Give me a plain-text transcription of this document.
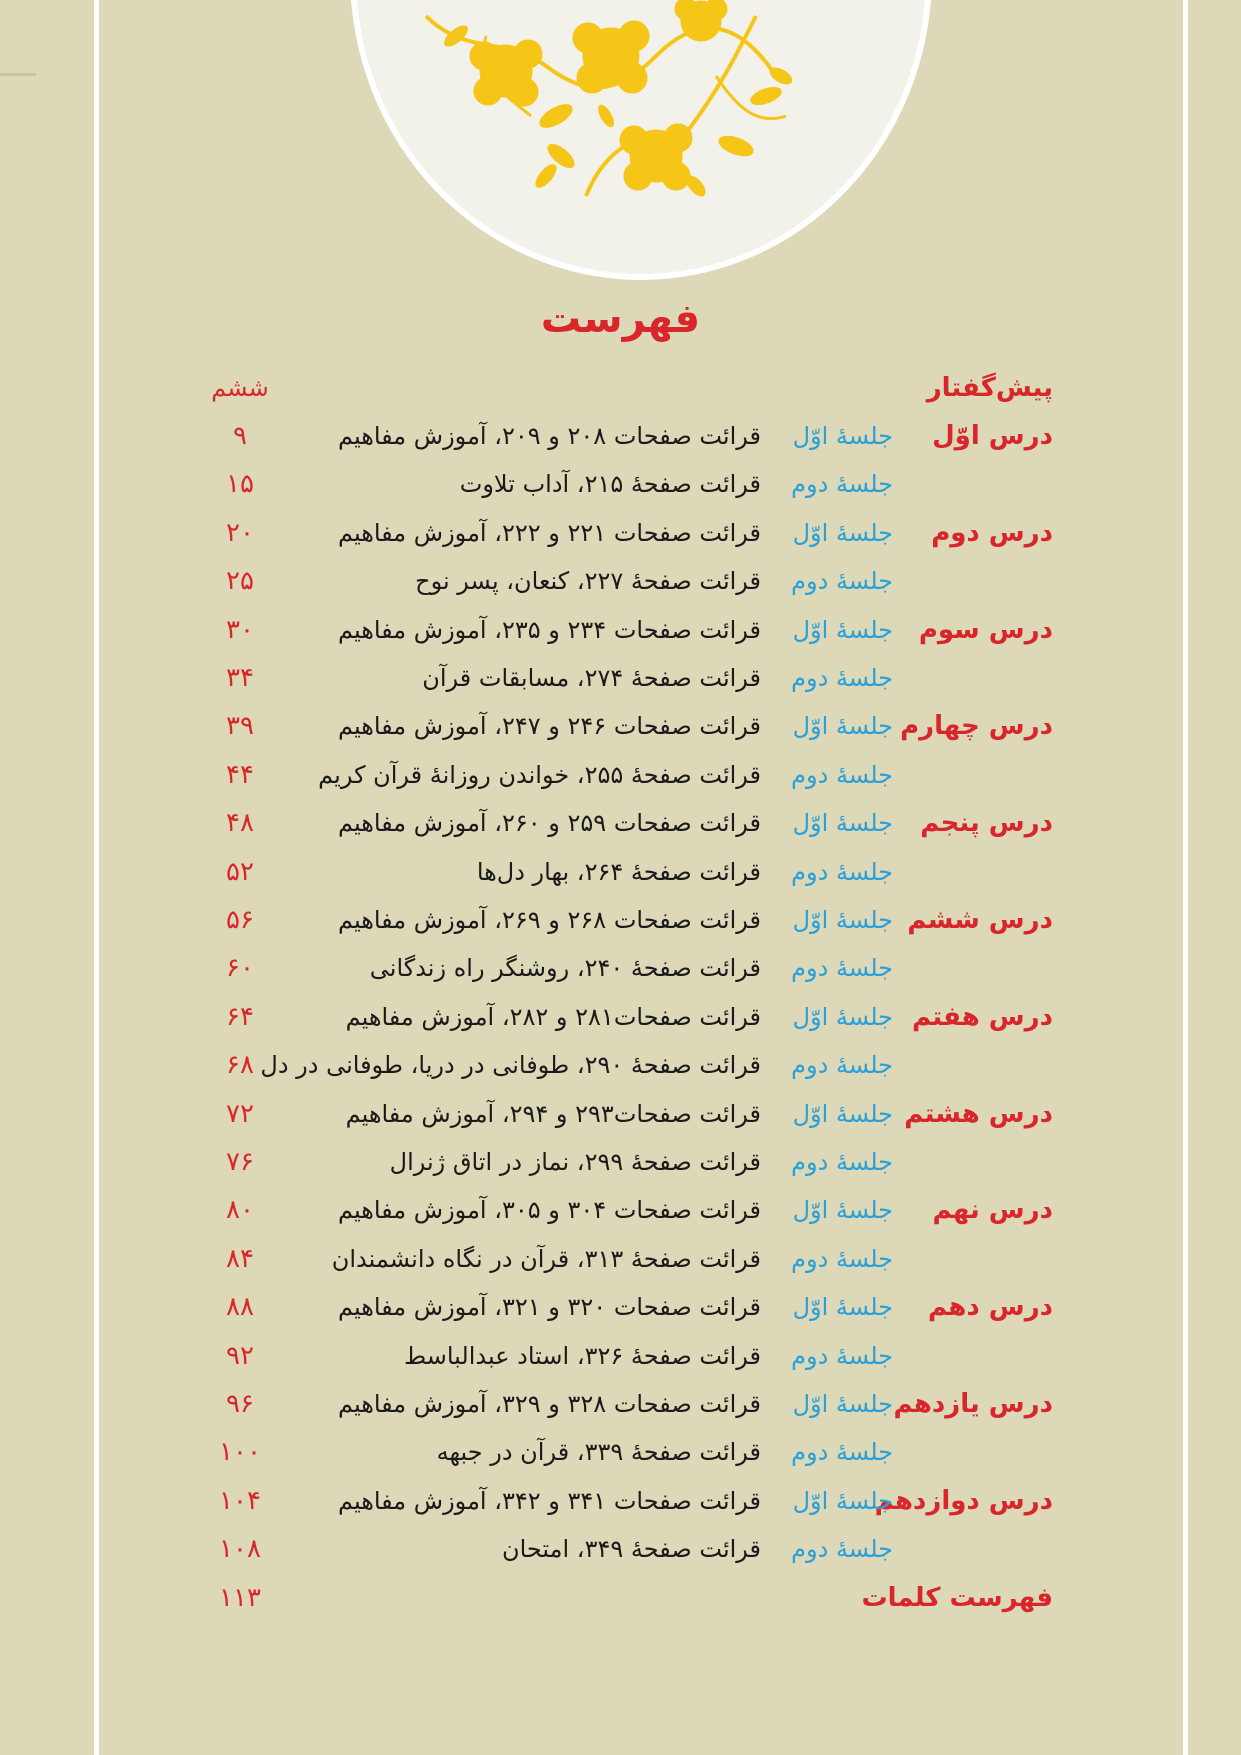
فهرست
پیش‌گفتار
ششم
درس اوّل
جلسهٔ اوّل
قرائت صفحات ۲۰۸ و ۲۰۹، آموزش مفاهیم
۹
جلسهٔ دوم
قرائت صفحهٔ ۲۱۵، آداب تلاوت
۱۵
درس دوم
جلسهٔ اوّل
قرائت صفحات ۲۲۱ و ۲۲۲، آموزش مفاهیم
۲۰
جلسهٔ دوم
قرائت صفحهٔ ۲۲۷، کنعان، پسر نوح
۲۵
درس سوم
جلسهٔ اوّل
قرائت صفحات ۲۳۴ و ۲۳۵، آموزش مفاهیم
۳۰
جلسهٔ دوم
قرائت صفحهٔ ۲۷۴، مسابقات قرآن
۳۴
درس چهارم
جلسهٔ اوّل
قرائت صفحات ۲۴۶ و ۲۴۷، آموزش مفاهیم
۳۹
جلسهٔ دوم
قرائت صفحهٔ ۲۵۵، خواندن روزانهٔ قرآن کریم
۴۴
درس پنجم
جلسهٔ اوّل
قرائت صفحات ۲۵۹ و ۲۶۰، آموزش مفاهیم
۴۸
جلسهٔ دوم
قرائت صفحهٔ ۲۶۴، بهار دل‌ها
۵۲
درس ششم
جلسهٔ اوّل
قرائت صفحات ۲۶۸ و ۲۶۹، آموزش مفاهیم
۵۶
جلسهٔ دوم
قرائت صفحهٔ ۲۴۰، روشنگر راه زندگانی
۶۰
درس هفتم
جلسهٔ اوّل
قرائت صفحات۲۸۱ و ۲۸۲، آموزش مفاهیم
۶۴
جلسهٔ دوم
قرائت صفحهٔ ۲۹۰، طوفانی در دریا، طوفانی در دل
۶۸
درس هشتم
جلسهٔ اوّل
قرائت صفحات۲۹۳ و ۲۹۴، آموزش مفاهیم
۷۲
جلسهٔ دوم
قرائت صفحهٔ ۲۹۹، نماز در اتاق ژنرال
۷۶
درس نهم
جلسهٔ اوّل
قرائت صفحات ۳۰۴ و ۳۰۵، آموزش مفاهیم
۸۰
جلسهٔ دوم
قرائت صفحهٔ ۳۱۳، قرآن در نگاه دانشمندان
۸۴
درس دهم
جلسهٔ اوّل
قرائت صفحات ۳۲۰ و ۳۲۱، آموزش مفاهیم
۸۸
جلسهٔ دوم
قرائت صفحهٔ ۳۲۶، استاد عبدالباسط
۹۲
درس یازدهم
جلسهٔ اوّل
قرائت صفحات ۳۲۸ و ۳۲۹، آموزش مفاهیم
۹۶
جلسهٔ دوم
قرائت صفحهٔ ۳۳۹، قرآن در جبهه
۱۰۰
درس دوازدهم
جلسهٔ اوّل
قرائت صفحات ۳۴۱ و ۳۴۲، آموزش مفاهیم
۱۰۴
جلسهٔ دوم
قرائت صفحهٔ ۳۴۹، امتحان
۱۰۸
فهرست کلمات
۱۱۳
